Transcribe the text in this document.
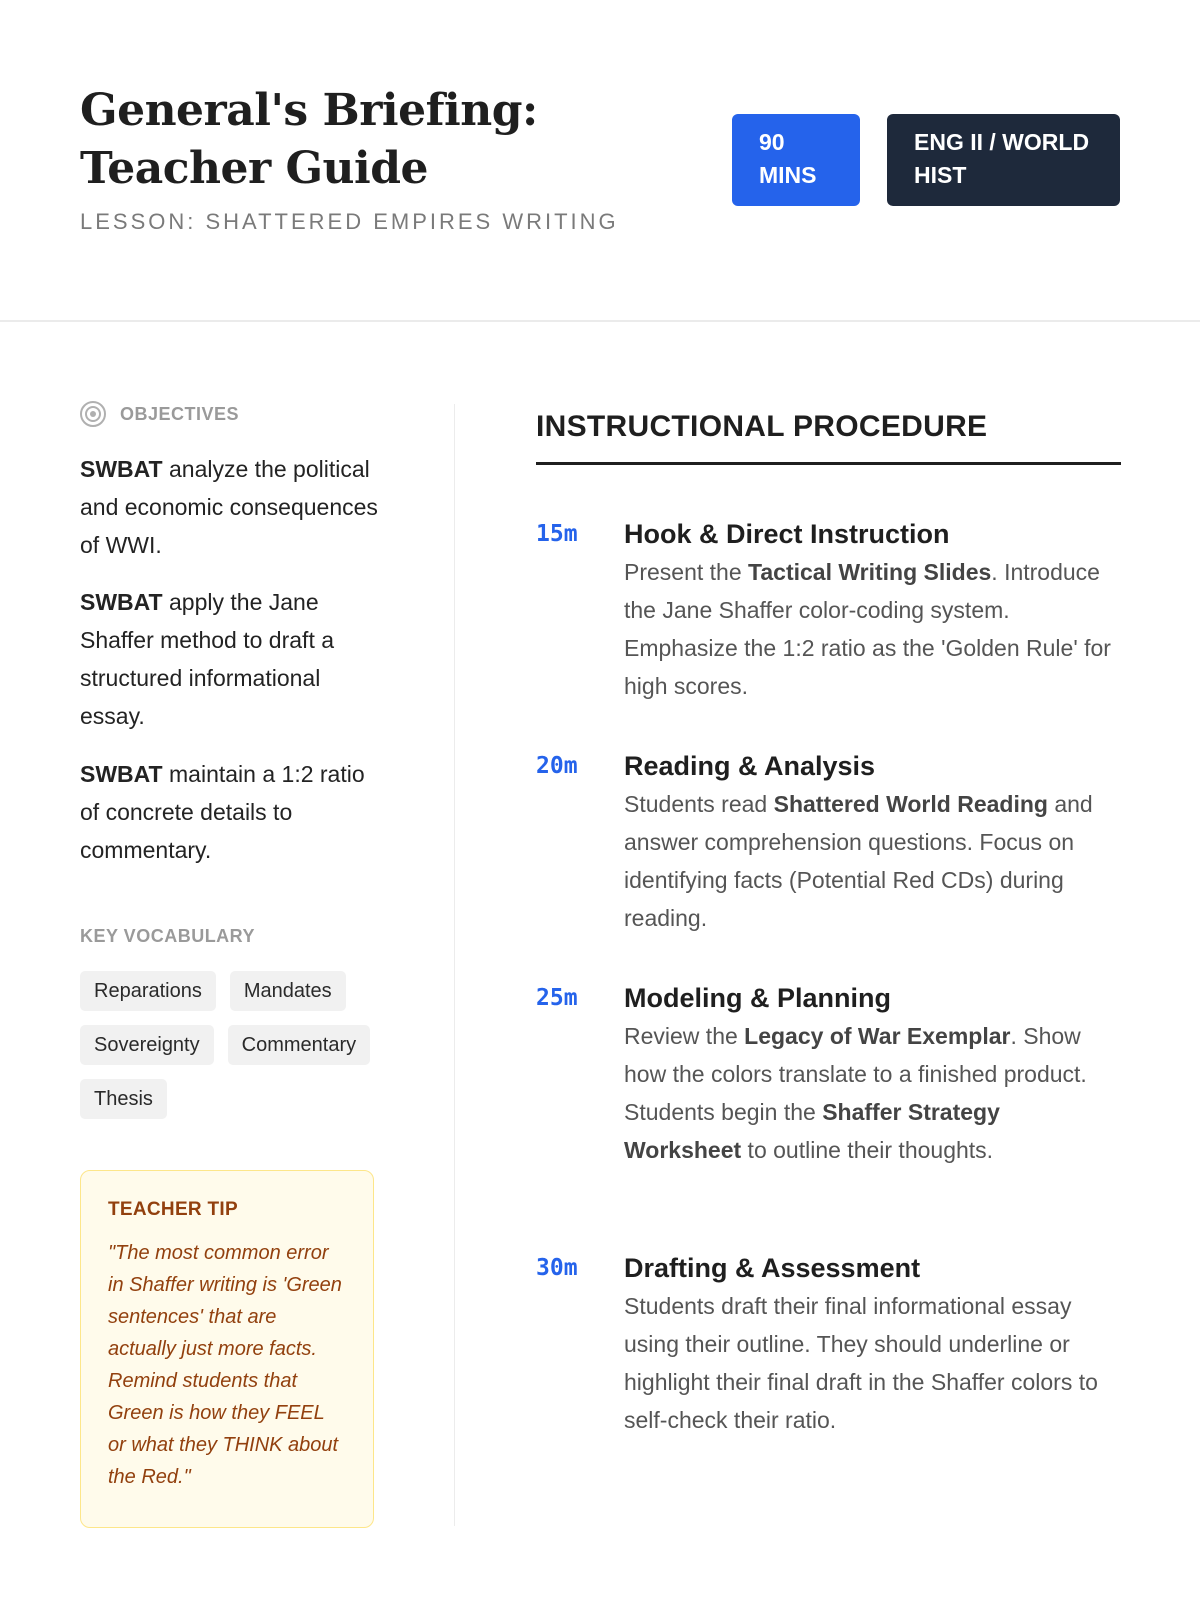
General's Briefing: Teacher Guide
LESSON: SHATTERED EMPIRES WRITING
90 MINS
ENG II / WORLD HIST
OBJECTIVES

SWBAT analyze the political and economic consequences of WWI.

SWBAT apply the Jane Shaffer method to draft a structured informational essay.

SWBAT maintain a 1:2 ratio of concrete details to commentary.

KEY VOCABULARY
Reparations	Mandates
Sovereignty	Commentary
Thesis
TEACHER TIP
"The most common error in Shaffer writing is 'Green sentences' that are actually just more facts. Remind students that Green is how they FEEL or what they THINK about the Red."
INSTRUCTIONAL PROCEDURE
15m Hook & Direct Instruction
Present the Tactical Writing Slides. Introduce the Jane Shaffer color-coding system. Emphasize the 1:2 ratio as the 'Golden Rule' for high scores.
20m Reading & Analysis
Students read Shattered World Reading and answer comprehension questions. Focus on identifying facts (Potential Red CDs) during reading.
25m Modeling & Planning
Review the Legacy of War Exemplar. Show how the colors translate to a finished product. Students begin the Shaffer Strategy Worksheet to outline their thoughts.
30m Drafting & Assessment
Students draft their final informational essay using their outline. They should underline or highlight their final draft in the Shaffer colors to self-check their ratio.
